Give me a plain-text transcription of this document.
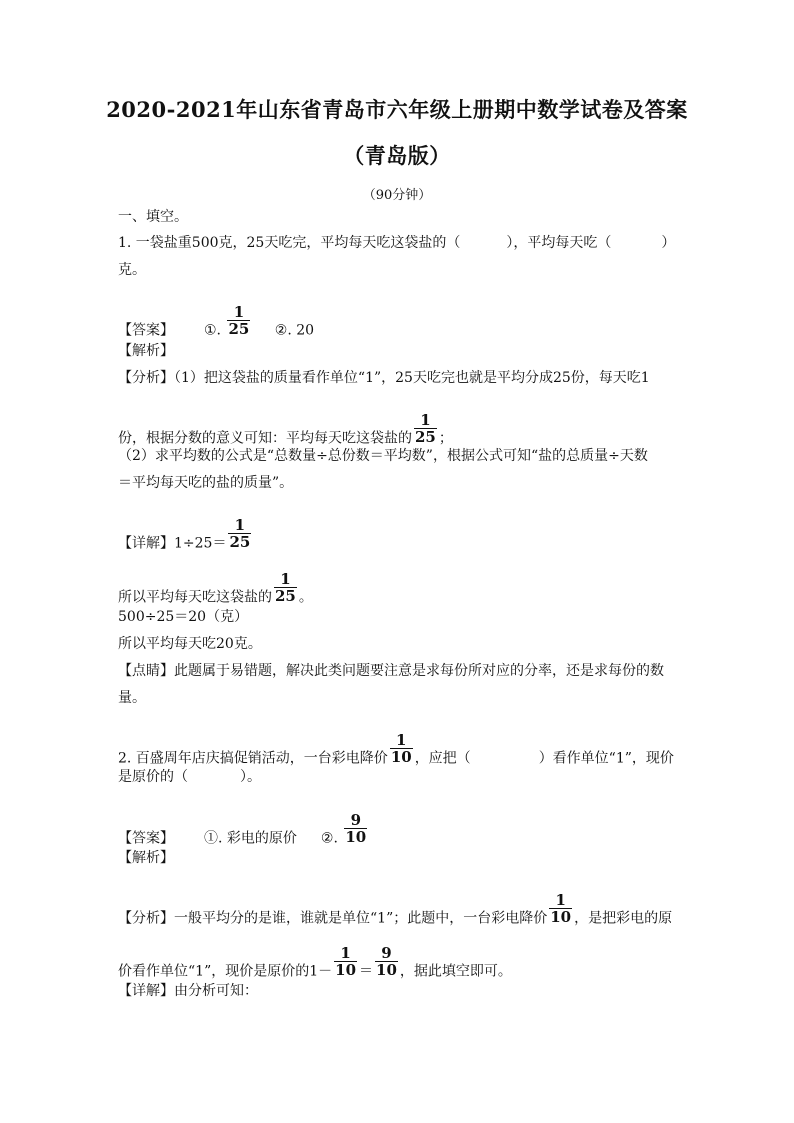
2020-2021年山东省青岛市六年级上册期中数学试卷及答案
（青岛版）
（90分钟）
一、填空。
1. 一袋盐重500克，25天吃完，平均每天吃这袋盐的（	），平均每天吃（	）
克。
【答案】 ①. $\frac{1}{25}$ ②. 20
【解析】
【分析】（1）把这袋盐的质量看作单位“1”，25天吃完也就是平均分成25份，每天吃1
份，根据分数的意义可知：平均每天吃这袋盐的 $\frac{1}{25}$ ；
（2）求平均数的公式是“总数量÷总份数＝平均数”，根据公式可知“盐的总质量÷天数
＝平均每天吃的盐的质量”。
【详解】$1\div 25= \frac{1}{25}$
所以平均每天吃这袋盐的 $\frac{1}{25}$ 。
500÷25＝20（克）
所以平均每天吃20克。
【点睛】此题属于易错题，解决此类问题要注意是求每份所对应的分率，还是求每份的数
量。
2. 百盛周年店庆搞促销活动，一台彩电降价 $\frac{1}{10}$ ，应把（	）看作单位“1”，现价
是原价的（	）。
【答案】 ①. 彩电的原价 ②. $\frac{9}{10}$
【解析】
【分析】一般平均分的是谁，谁就是单位“1”；此题中，一台彩电降价 $\frac{1}{10}$ ，是把彩电的原
价看作单位“1”，现价是原价的$1- \frac{1}{10} = \frac{9}{10}$ ，据此填空即可。
【详解】由分析可知：
